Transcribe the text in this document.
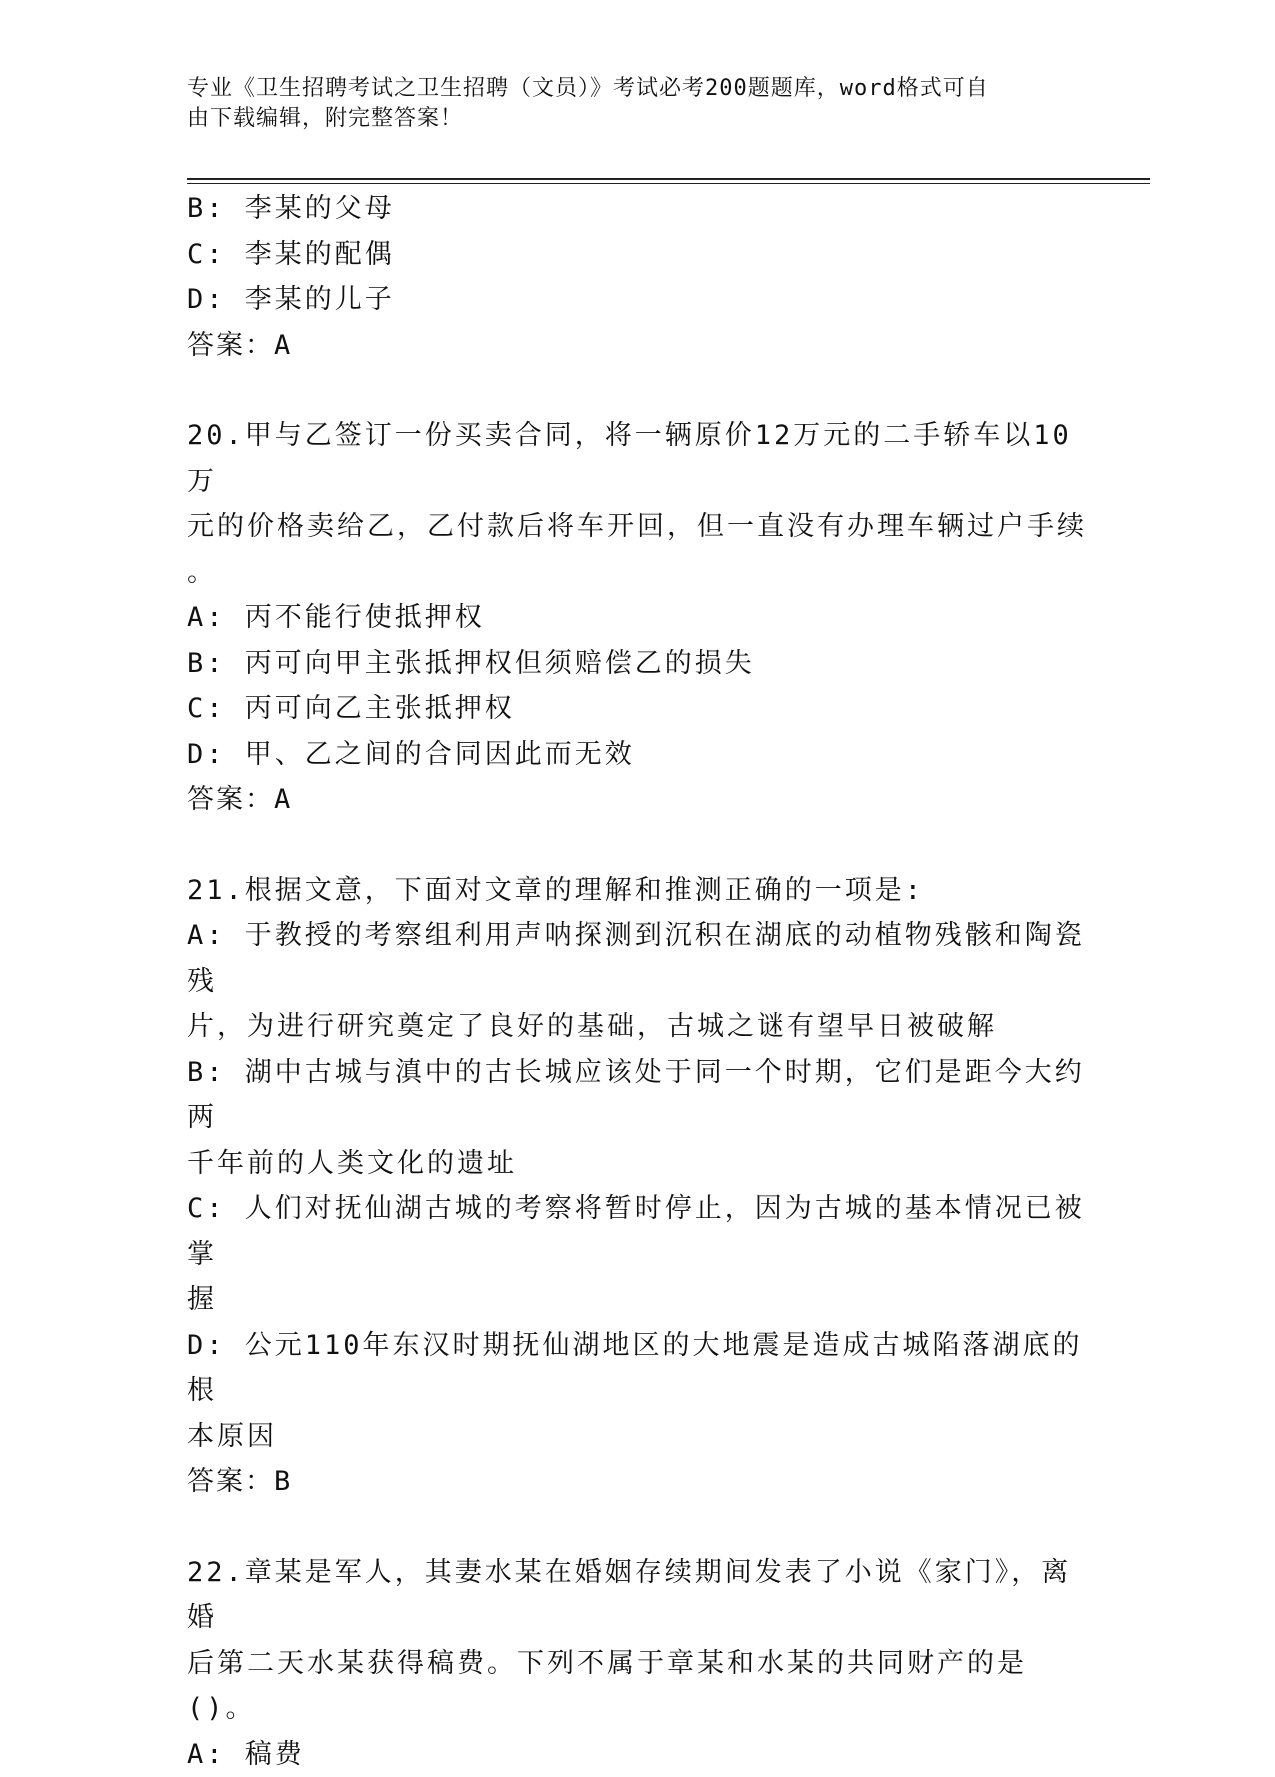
专业《卫生招聘考试之卫生招聘（文员）》考试必考200题题库，word格式可自
由下载编辑，附完整答案！
B: 李某的父母
C: 李某的配偶
D: 李某的儿子
答案：A
20.甲与乙签订一份买卖合同，将一辆原价12万元的二手轿车以10万
元的价格卖给乙，乙付款后将车开回，但一直没有办理车辆过户手续
。
A: 丙不能行使抵押权
B: 丙可向甲主张抵押权但须赔偿乙的损失
C: 丙可向乙主张抵押权
D: 甲、乙之间的合同因此而无效
答案：A
21.根据文意，下面对文章的理解和推测正确的一项是:
A: 于教授的考察组利用声呐探测到沉积在湖底的动植物残骸和陶瓷残
片，为进行研究奠定了良好的基础，古城之谜有望早日被破解
B: 湖中古城与滇中的古长城应该处于同一个时期，它们是距今大约两
千年前的人类文化的遗址
C: 人们对抚仙湖古城的考察将暂时停止，因为古城的基本情况已被掌
握
D: 公元110年东汉时期抚仙湖地区的大地震是造成古城陷落湖底的根
本原因
答案：B
22.章某是军人，其妻水某在婚姻存续期间发表了小说《家门》，离婚
后第二天水某获得稿费。下列不属于章某和水某的共同财产的是()。
A: 稿费
